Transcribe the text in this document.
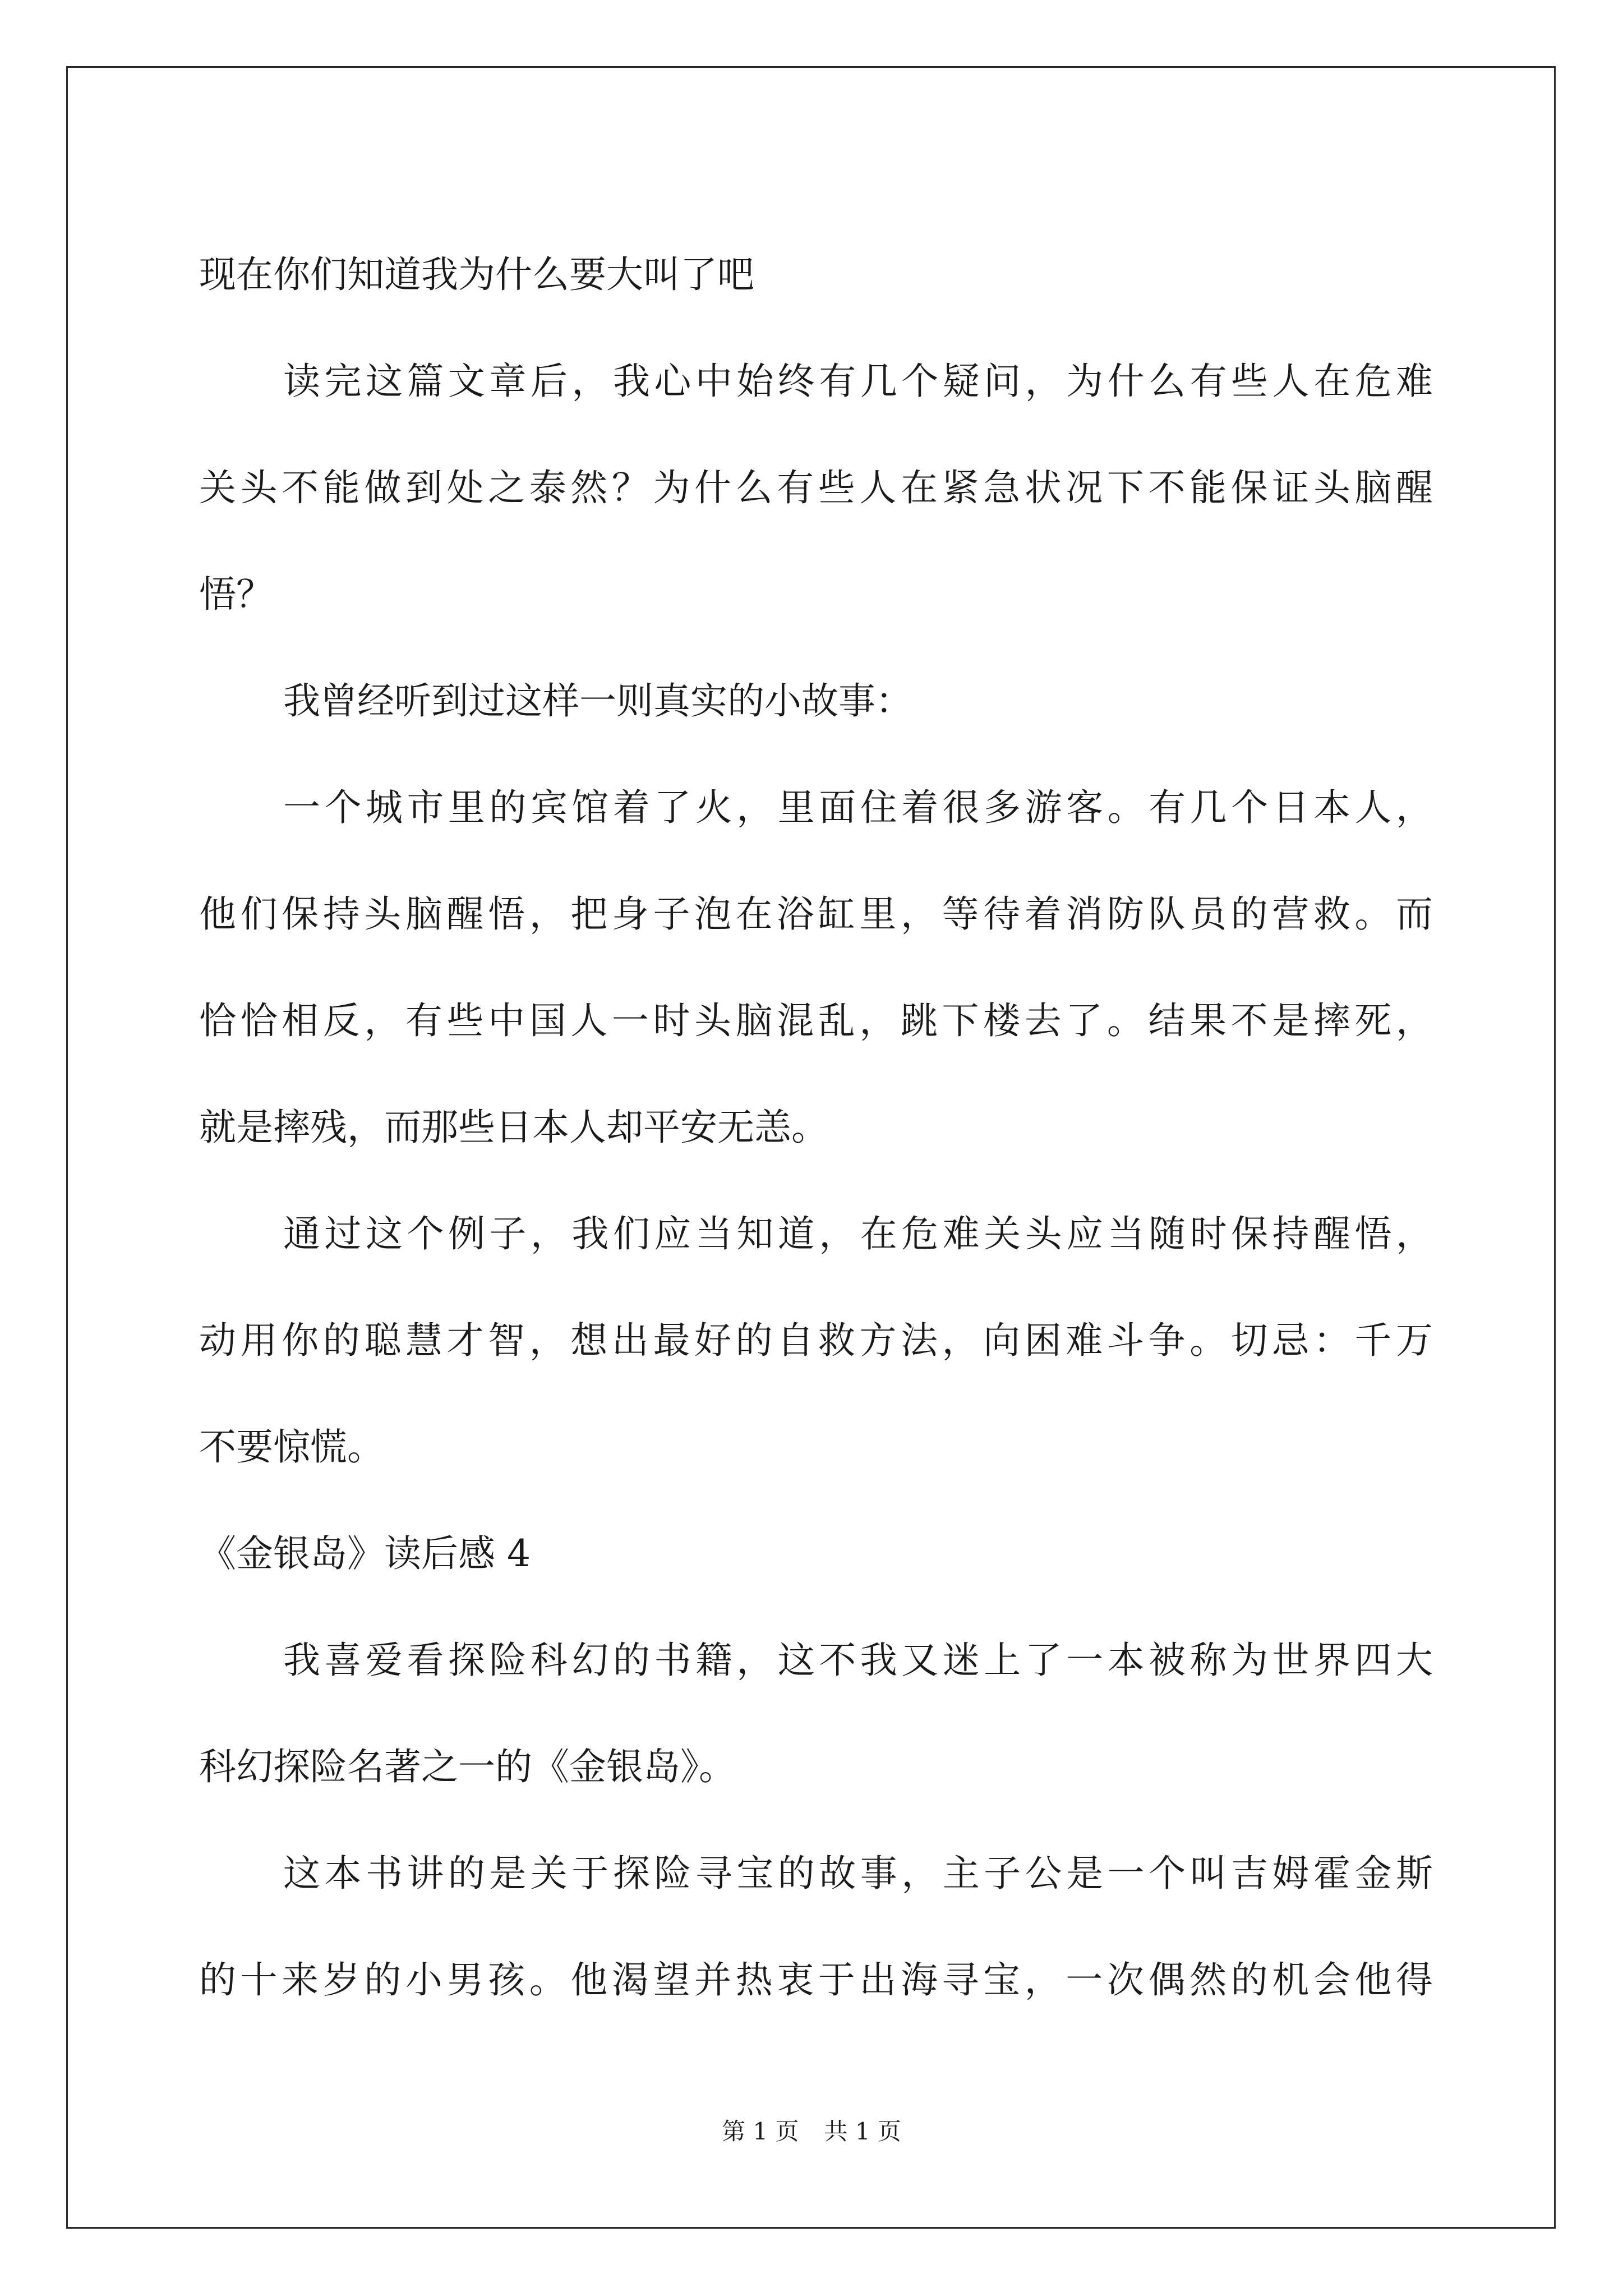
现在你们知道我为什么要大叫了吧
读完这篇文章后，我心中始终有几个疑问，为什么有些人在危难
关头不能做到处之泰然？为什么有些人在紧急状况下不能保证头脑醒
悟？
我曾经听到过这样一则真实的小故事：
一个城市里的宾馆着了火，里面住着很多游客。有几个日本人，
他们保持头脑醒悟，把身子泡在浴缸里，等待着消防队员的营救。而
恰恰相反，有些中国人一时头脑混乱，跳下楼去了。结果不是摔死，
就是摔残，而那些日本人却平安无恙。
通过这个例子，我们应当知道，在危难关头应当随时保持醒悟，
动用你的聪慧才智，想出最好的自救方法，向困难斗争。切忌：千万
不要惊慌。
《金银岛》读后感 4
我喜爱看探险科幻的书籍，这不我又迷上了一本被称为世界四大
科幻探险名著之一的《金银岛》。
这本书讲的是关于探险寻宝的故事，主子公是一个叫吉姆霍金斯
的十来岁的小男孩。他渴望并热衷于出海寻宝，一次偶然的机会他得
第 1 页 共 1 页
